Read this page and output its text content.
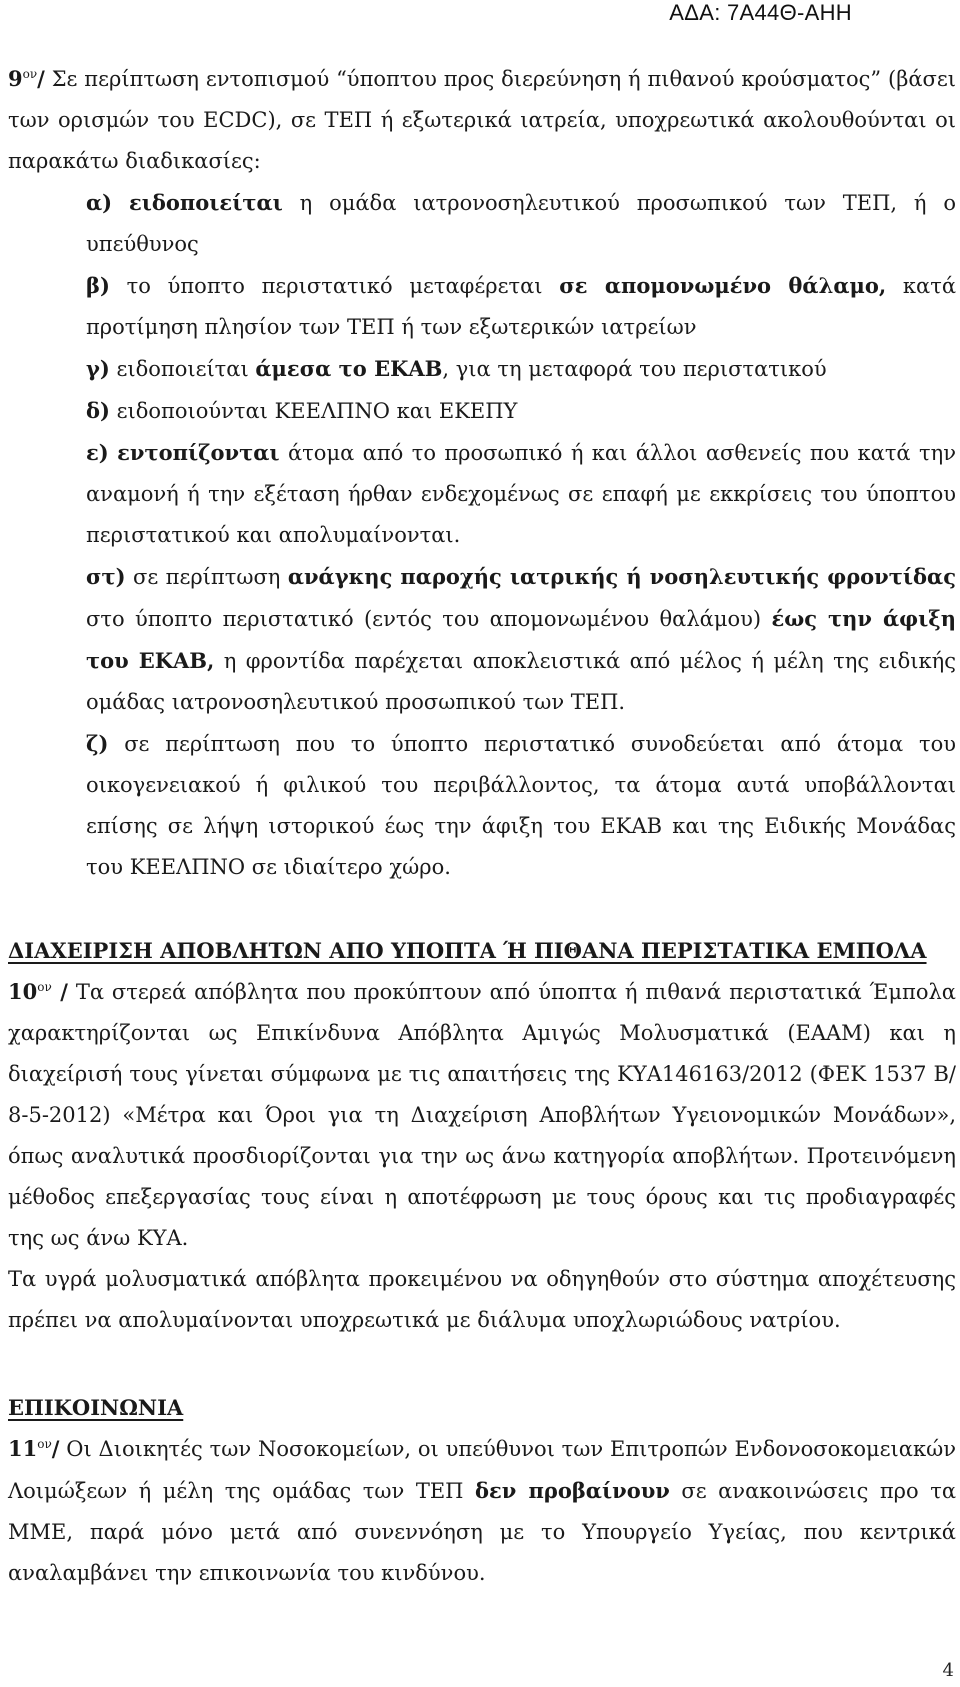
ΑΔΑ: 7Α44Θ-ΑΗΗ

$9^{o\nu}/$ Σε περίπτωση εντοπισμού “ύποπτου προς διερεύνηση ή πιθανού κρούσματος” (βάσει των ορισμών του ECDC), σε ΤΕΠ ή εξωτερικά ιατρεία, υποχρεωτικά ακολουθούνται οι παρακάτω διαδικασίες:

α) ειδοποιείται η ομάδα ιατρονοσηλευτικού προσωπικού των ΤΕΠ, ή ο υπεύθυνος

β) το ύποπτο περιστατικό μεταφέρεται σε απομονωμένο θάλαμο, κατά προτίμηση πλησίον των ΤΕΠ ή των εξωτερικών ιατρείων

γ) ειδοποιείται άμεσα το ΕΚΑΒ, για τη μεταφορά του περιστατικού

δ) ειδοποιούνται ΚΕΕΛΠΝΟ και ΕΚΕΠΥ

ε) εντοπίζονται άτομα από το προσωπικό ή και άλλοι ασθενείς που κατά την αναμονή ή την εξέταση ήρθαν ενδεχομένως σε επαφή με εκκρίσεις του ύποπτου περιστατικού και απολυμαίνονται.

στ) σε περίπτωση ανάγκης παροχής ιατρικής ή νοσηλευτικής φροντίδας στο ύποπτο περιστατικό (εντός του απομονωμένου θαλάμου) έως την άφιξη του ΕΚΑΒ, η φροντίδα παρέχεται αποκλειστικά από μέλος ή μέλη της ειδικής ομάδας ιατρονοσηλευτικού προσωπικού των ΤΕΠ.

ζ) σε περίπτωση που το ύποπτο περιστατικό συνοδεύεται από άτομα του οικογενειακού ή φιλικού του περιβάλλοντος, τα άτομα αυτά υποβάλλονται επίσης σε λήψη ιστορικού έως την άφιξη του ΕΚΑΒ και της Ειδικής Μονάδας του ΚΕΕΛΠΝΟ σε ιδιαίτερο χώρο.

ΔΙΑΧΕΙΡΙΣΗ ΑΠΟΒΛΗΤΩΝ ΑΠΟ ΥΠΟΠΤΑ Ή ΠΙΘΑΝΑ ΠΕΡΙΣΤΑΤΙΚΑ ΕΜΠΟΛΑ

$10^{o\nu}$ / Τα στερεά απόβλητα που προκύπτουν από ύποπτα ή πιθανά περιστατικά Έμπολα χαρακτηρίζονται ως Επικίνδυνα Απόβλητα Αμιγώς Μολυσματικά (ΕΑΑΜ) και η διαχείρισή τους γίνεται σύμφωνα με τις απαιτήσεις της ΚΥΑ146163/2012 (ΦΕΚ 1537 Β/ 8-5-2012) «Μέτρα και Όροι για τη Διαχείριση Αποβλήτων Υγειονομικών Μονάδων», όπως αναλυτικά προσδιορίζονται για την ως άνω κατηγορία αποβλήτων. Προτεινόμενη μέθοδος επεξεργασίας τους είναι η αποτέφρωση με τους όρους και τις προδιαγραφές της ως άνω ΚΥΑ.

Τα υγρά μολυσματικά απόβλητα προκειμένου να οδηγηθούν στο σύστημα αποχέτευσης πρέπει να απολυμαίνονται υποχρεωτικά με διάλυμα υποχλωριώδους νατρίου.

ΕΠΙΚΟΙΝΩΝΙΑ

$11^{o\nu}/$ Οι Διοικητές των Νοσοκομείων, οι υπεύθυνοι των Επιτροπών Ενδονοσοκομειακών Λοιμώξεων ή μέλη της ομάδας των ΤΕΠ δεν προβαίνουν σε ανακοινώσεις προ τα ΜΜΕ, παρά μόνο μετά από συνεννόηση με το Υπουργείο Υγείας, που κεντρικά αναλαμβάνει την επικοινωνία του κινδύνου.

4
